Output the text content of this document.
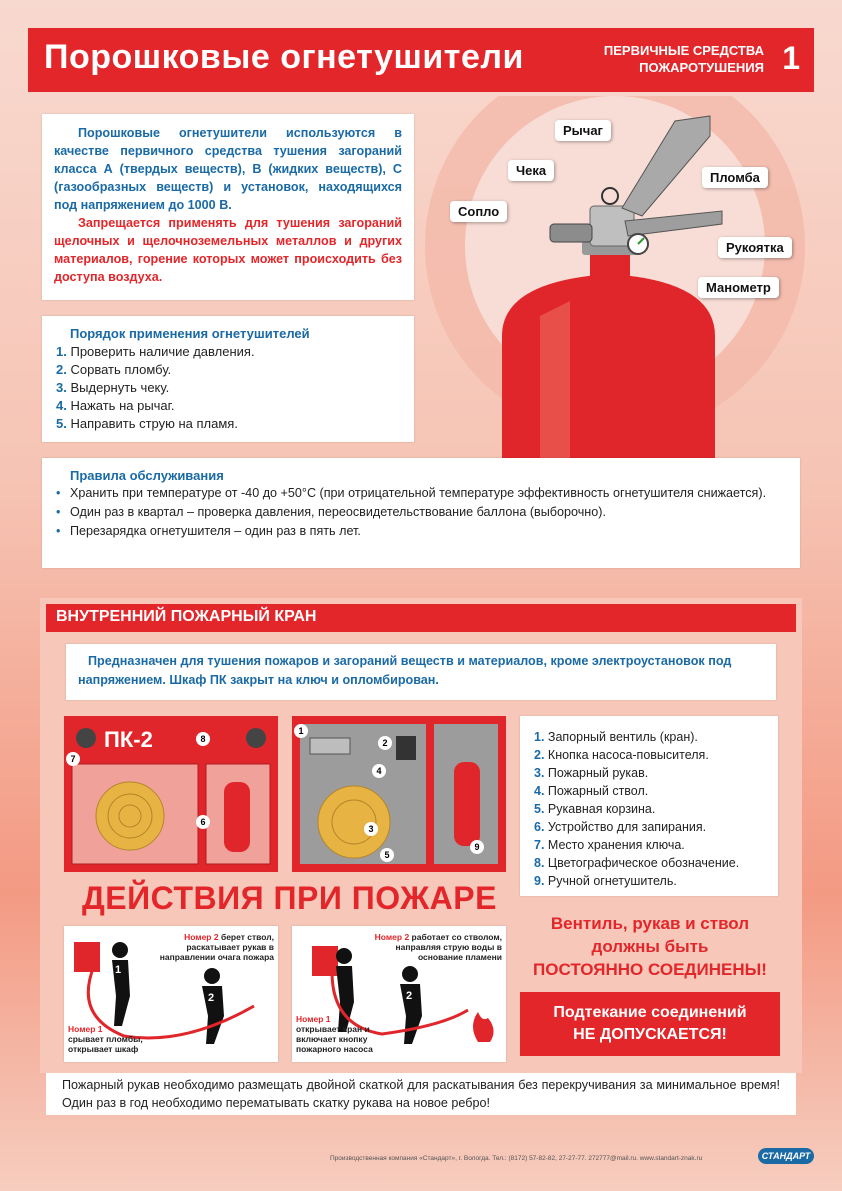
Порошковые огнетушители	ПЕРВИЧНЫЕ СРЕДСТВА
ПОЖАРОТУШЕНИЯ 1
Рычаг
Чека	Пломба
Сопло
Рукоятка
Манометр

Порошковые огнетушители используются в качестве первичного средства тушения загораний класса А (твердых веществ), В (жидких веществ), С (газообразных веществ) и установок, находящихся под напряжением до 1000 В.

Запрещается применять для тушения загораний щелочных и щелочноземельных металлов и других материалов, горение которых может происходить без доступа воздуха.

Порядок применения огнетушителей
1. Проверить наличие давления.
2. Сорвать пломбу.
3. Выдернуть чеку.
4. Нажать на рычаг.
5. Направить струю на пламя.
Правила обслуживания
• Хранить при температуре от -40 до +50°С (при отрицательной температуре эффективность огнетушителя снижается).
• Один раз в квартал – проверка давления, переосвидетельствование баллона (выборочно).
• Перезарядка огнетушителя – один раз в пять лет.
ВНУТРЕННИЙ ПОЖАРНЫЙ КРАН
Предназначен для тушения пожаров и загораний веществ и материалов, кроме электроустановок под напряжением. Шкаф ПК закрыт на ключ и опломбирован.
ПК-2	8
7
6
1
2
4
3
5
9
1. Запорный вентиль (кран).
2. Кнопка насоса-повысителя.
3. Пожарный рукав.
4. Пожарный ствол.
5. Рукавная корзина.
6. Устройство для запирания.
7. Место хранения ключа.
8. Цветографическое обозначение.
9. Ручной огнетушитель.
ДЕЙСТВИЯ ПРИ ПОЖАРЕ
1
2
Номер 2 берет ствол, раскатывает рукав в направлении очага пожара
Номер 1
срывает пломбы, открывает шкаф
2
Номер 2 работает со стволом, направляя струю воды в основание пламени
Номер 1
открывает кран и включает кнопку пожарного насоса
Вентиль, рукав и ствол
должны быть
ПОСТОЯННО СОЕДИНЕНЫ!
Подтекание соединений
НЕ ДОПУСКАЕТСЯ!
Пожарный рукав необходимо размещать двойной скаткой для раскатывания без перекручивания за минимальное время! Один раз в год необходимо перематывать скатку рукава на новое ребро!
Производственная компания «Стандарт», г. Вологда. Тел.: (8172) 57-82-82, 27-27-77. 272777@mail.ru. www.standart-znak.ru	СТАНДАРТ
